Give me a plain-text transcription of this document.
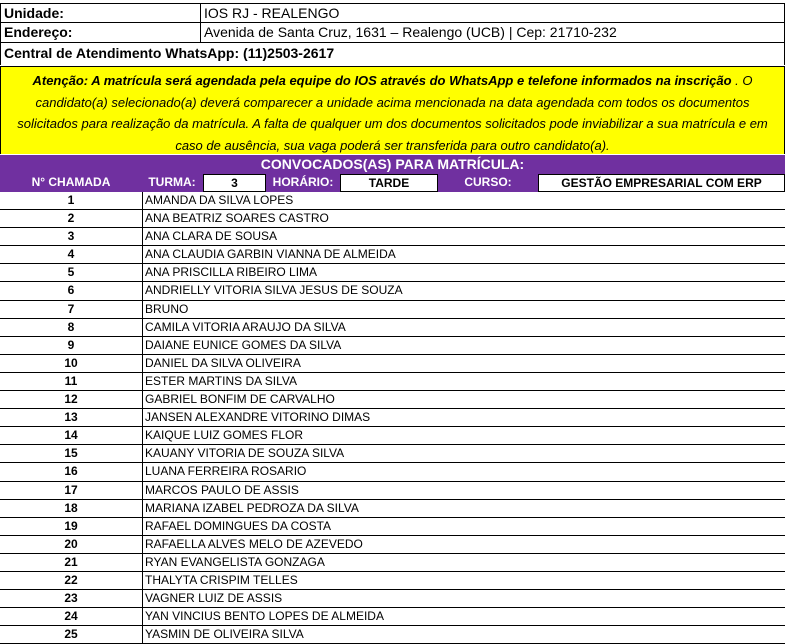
Unidade:	IOS RJ - REALENGO
Endereço:	Avenida de Santa Cruz, 1631 – Realengo (UCB) | Cep: 21710-232
Central de Atendimento WhatsApp: (11)2503-2617
Atenção: A matrícula será agendada pela equipe do IOS através do WhatsApp e telefone informados na inscrição . O candidato(a) selecionado(a) deverá comparecer a unidade acima mencionada na data agendada com todos os documentos solicitados para realização da matrícula. A falta de qualquer um dos documentos solicitados pode inviabilizar a sua matrícula e em caso de ausência, sua vaga poderá ser transferida para outro candidato(a).
CONVOCADOS(AS) PARA MATRÍCULA:
N° CHAMADA	TURMA:	3	HORÁRIO:	TARDE	CURSO:	GESTÃO EMPRESARIAL COM ERP
1	AMANDA DA SILVA LOPES
2	ANA BEATRIZ SOARES CASTRO
3	ANA CLARA DE SOUSA
4	ANA CLAUDIA GARBIN VIANNA DE ALMEIDA
5	ANA PRISCILLA RIBEIRO LIMA
6	ANDRIELLY VITORIA SILVA JESUS DE SOUZA
7	BRUNO
8	CAMILA VITORIA ARAUJO DA SILVA
9	DAIANE EUNICE GOMES DA SILVA
10	DANIEL DA SILVA OLIVEIRA
11	ESTER MARTINS DA SILVA
12	GABRIEL BONFIM DE CARVALHO
13	JANSEN ALEXANDRE VITORINO DIMAS
14	KAIQUE LUIZ GOMES FLOR
15	KAUANY VITORIA DE SOUZA SILVA
16	LUANA FERREIRA ROSARIO
17	MARCOS PAULO DE ASSIS
18	MARIANA IZABEL PEDROZA DA SILVA
19	RAFAEL DOMINGUES DA COSTA
20	RAFAELLA ALVES MELO DE AZEVEDO
21	RYAN EVANGELISTA GONZAGA
22	THALYTA CRISPIM TELLES
23	VAGNER LUIZ DE ASSIS
24	YAN VINCIUS BENTO LOPES DE ALMEIDA
25	YASMIN DE OLIVEIRA SILVA
